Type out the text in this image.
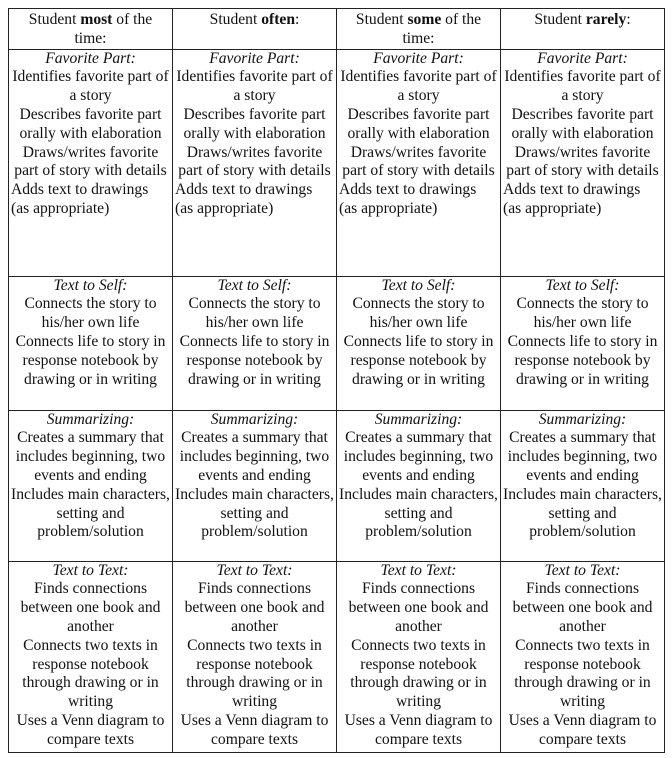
Student most of the time:	Student often:	Student some of the time:	Student rarely:

Favorite Part:
Identifies favorite part of a story
Describes favorite part orally with elaboration
Draws/writes favorite part of story with details
Adds text to drawings (as appropriate)	Favorite Part:
Identifies favorite part of a story
Describes favorite part orally with elaboration
Draws/writes favorite part of story with details
Adds text to drawings (as appropriate)	Favorite Part:
Identifies favorite part of a story
Describes favorite part orally with elaboration
Draws/writes favorite part of story with details
Adds text to drawings (as appropriate)	Favorite Part:
Identifies favorite part of a story
Describes favorite part orally with elaboration
Draws/writes favorite part of story with details
Adds text to drawings (as appropriate)

Text to Self:
Connects the story to his/her own life
Connects life to story in response notebook by drawing or in writing	Text to Self:
Connects the story to his/her own life
Connects life to story in response notebook by drawing or in writing	Text to Self:
Connects the story to his/her own life
Connects life to story in response notebook by drawing or in writing	Text to Self:
Connects the story to his/her own life
Connects life to story in response notebook by drawing or in writing

Summarizing:
Creates a summary that includes beginning, two events and ending
Includes main characters, setting and problem/solution	Summarizing:
Creates a summary that includes beginning, two events and ending
Includes main characters, setting and problem/solution	Summarizing:
Creates a summary that includes beginning, two events and ending
Includes main characters, setting and problem/solution	Summarizing:
Creates a summary that includes beginning, two events and ending
Includes main characters, setting and problem/solution

Text to Text:
Finds connections between one book and another
Connects two texts in response notebook through drawing or in writing
Uses a Venn diagram to compare texts	Text to Text:
Finds connections between one book and another
Connects two texts in response notebook through drawing or in writing
Uses a Venn diagram to compare texts	Text to Text:
Finds connections between one book and another
Connects two texts in response notebook through drawing or in writing
Uses a Venn diagram to compare texts	Text to Text:
Finds connections between one book and another
Connects two texts in response notebook through drawing or in writing
Uses a Venn diagram to compare texts
